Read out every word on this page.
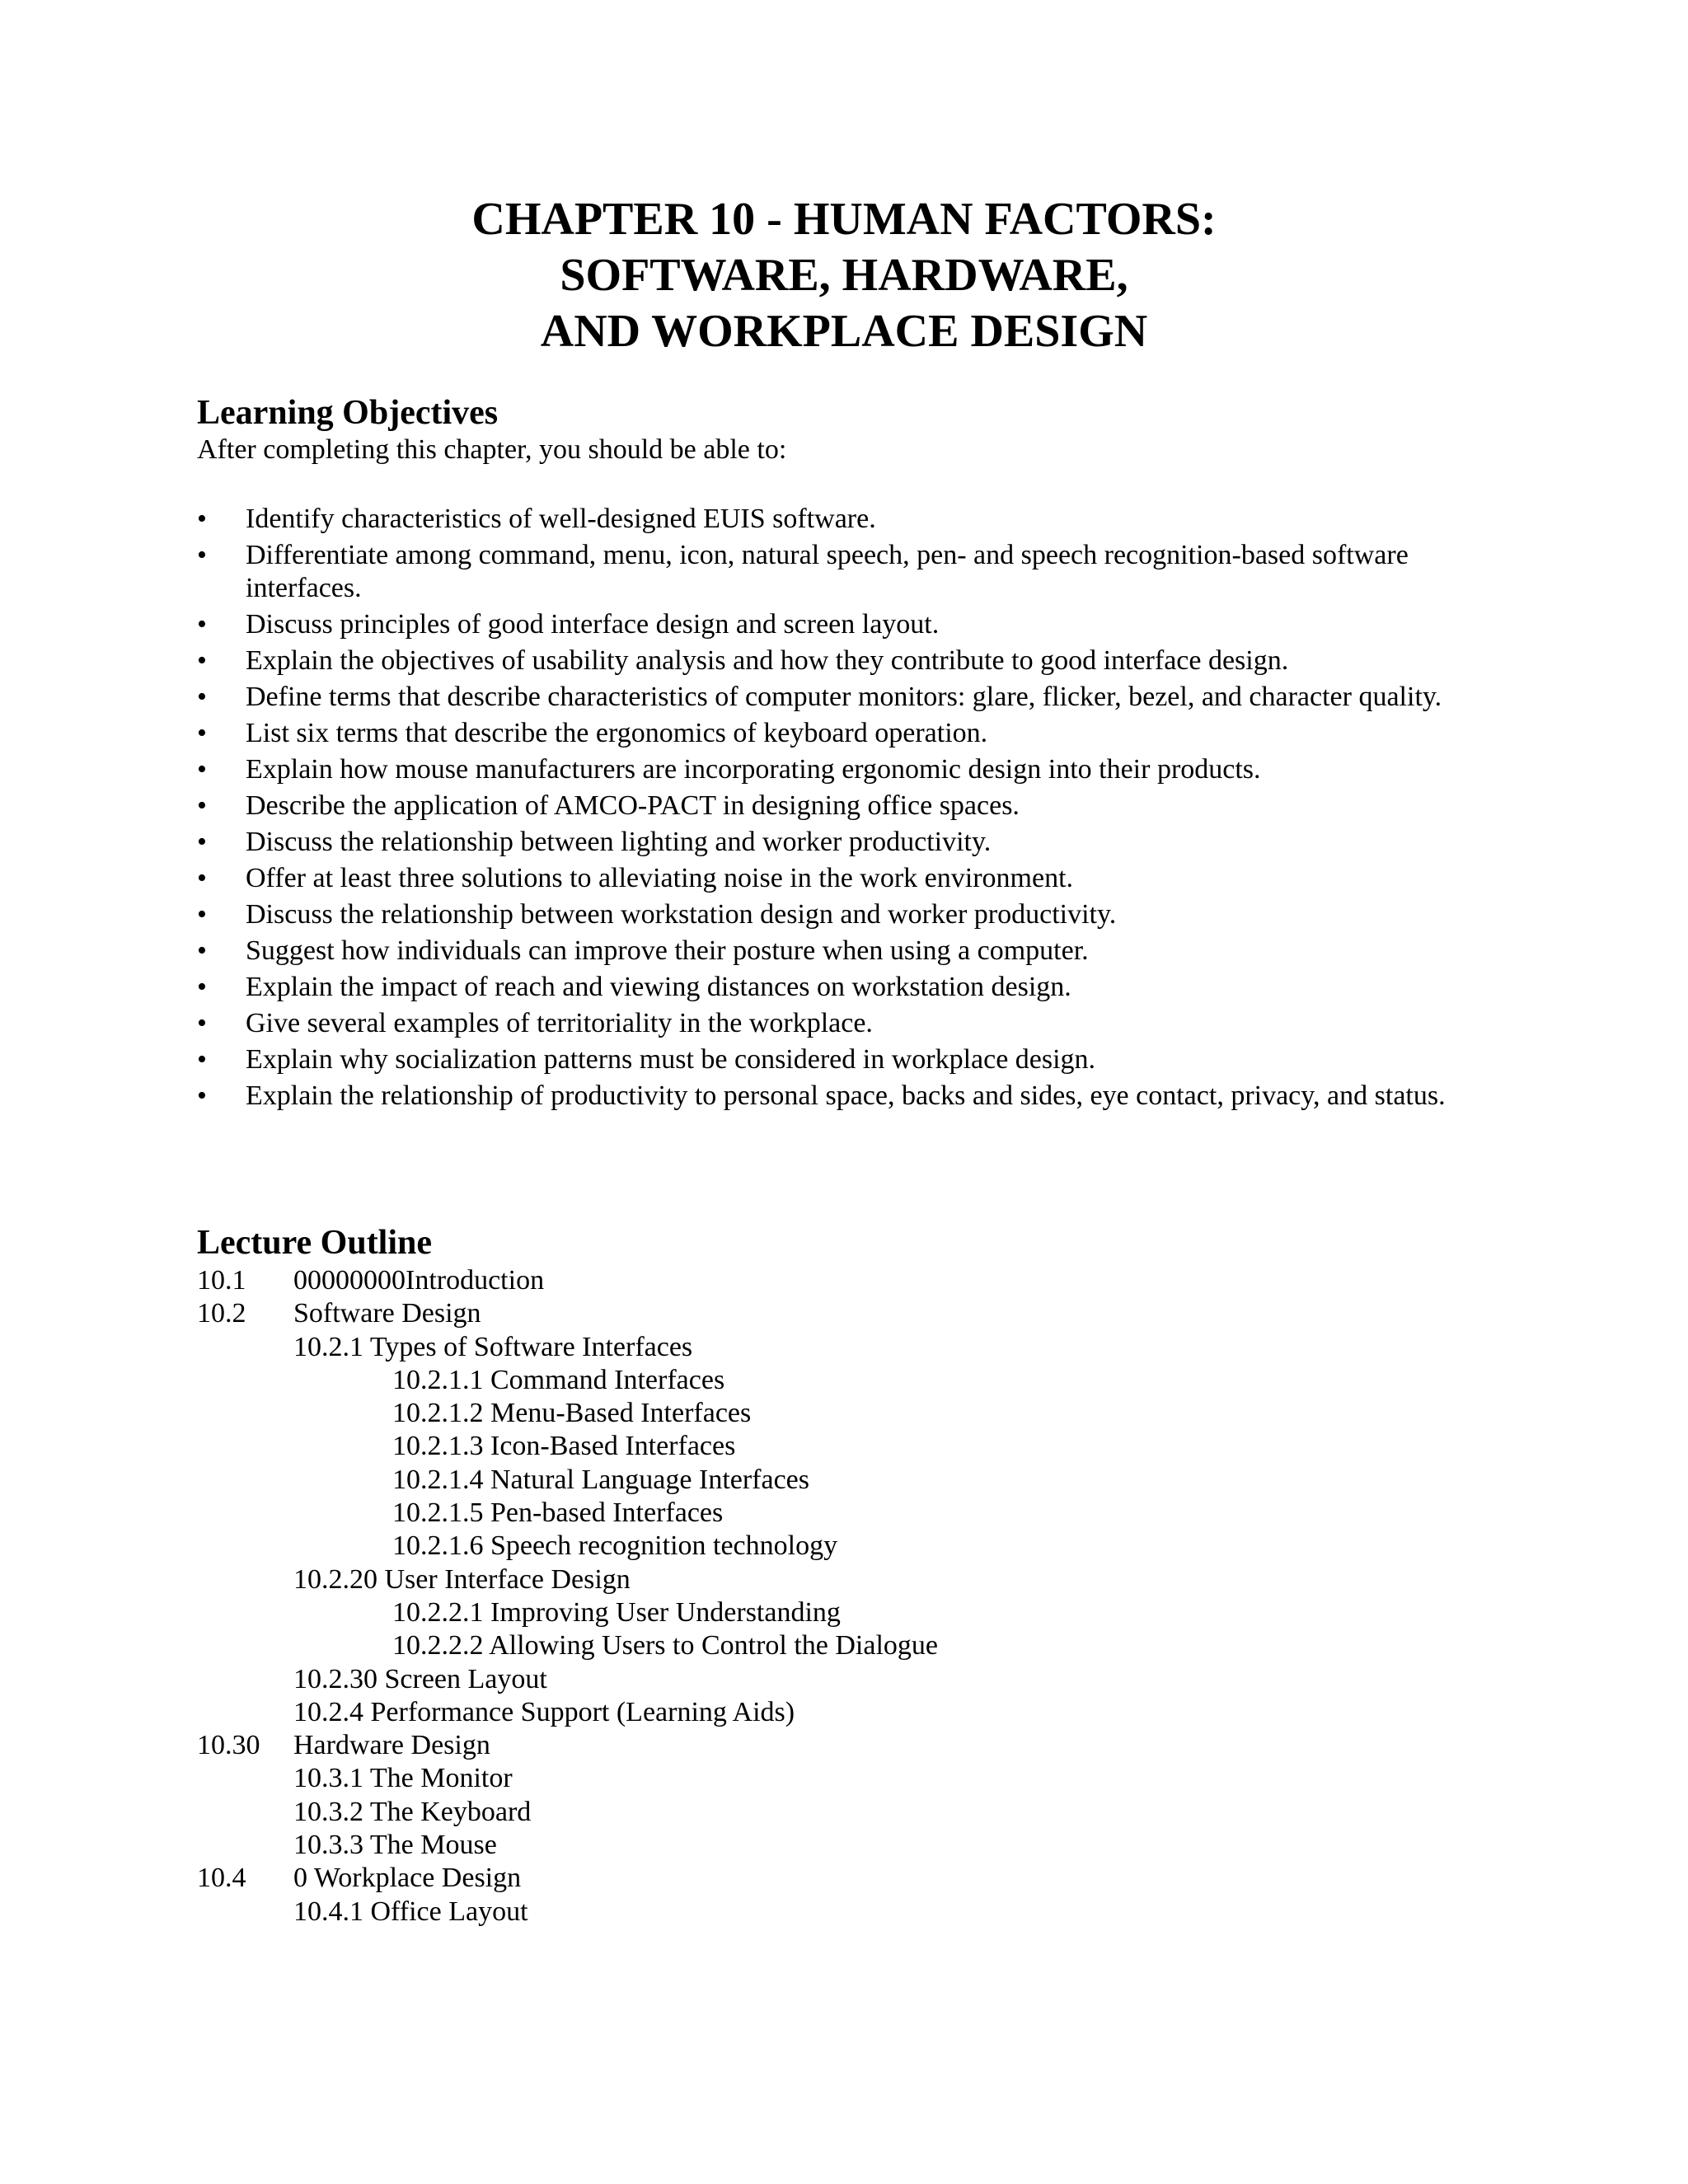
CHAPTER 10 - HUMAN FACTORS:
SOFTWARE, HARDWARE,
AND WORKPLACE DESIGN
Learning Objectives
After completing this chapter, you should be able to:
•	Identify characteristics of well-designed EUIS software.
•	Differentiate among command, menu, icon, natural speech, pen- and speech recognition-based software interfaces.
•	Discuss principles of good interface design and screen layout.
•	Explain the objectives of usability analysis and how they contribute to good interface design.
•	Define terms that describe characteristics of computer monitors: glare, flicker, bezel, and character quality.
•	List six terms that describe the ergonomics of keyboard operation.
•	Explain how mouse manufacturers are incorporating ergonomic design into their products.
•	Describe the application of AMCO-PACT in designing office spaces.
•	Discuss the relationship between lighting and worker productivity.
•	Offer at least three solutions to alleviating noise in the work environment.
•	Discuss the relationship between workstation design and worker productivity.
•	Suggest how individuals can improve their posture when using a computer.
•	Explain the impact of reach and viewing distances on workstation design.
•	Give several examples of territoriality in the workplace.
•	Explain why socialization patterns must be considered in workplace design.
•	Explain the relationship of productivity to personal space, backs and sides, eye contact, privacy, and status.
Lecture Outline
10.1 00000000Introduction
10.2 Software Design
10.2.1 Types of Software Interfaces
10.2.1.1 Command Interfaces
10.2.1.2 Menu-Based Interfaces
10.2.1.3 Icon-Based Interfaces
10.2.1.4 Natural Language Interfaces
10.2.1.5 Pen-based Interfaces
10.2.1.6 Speech recognition technology
10.2.20 User Interface Design
10.2.2.1 Improving User Understanding
10.2.2.2 Allowing Users to Control the Dialogue
10.2.30 Screen Layout
10.2.4 Performance Support (Learning Aids)
10.30 Hardware Design
10.3.1 The Monitor
10.3.2 The Keyboard
10.3.3 The Mouse
10.4 0 Workplace Design
10.4.1 Office Layout
